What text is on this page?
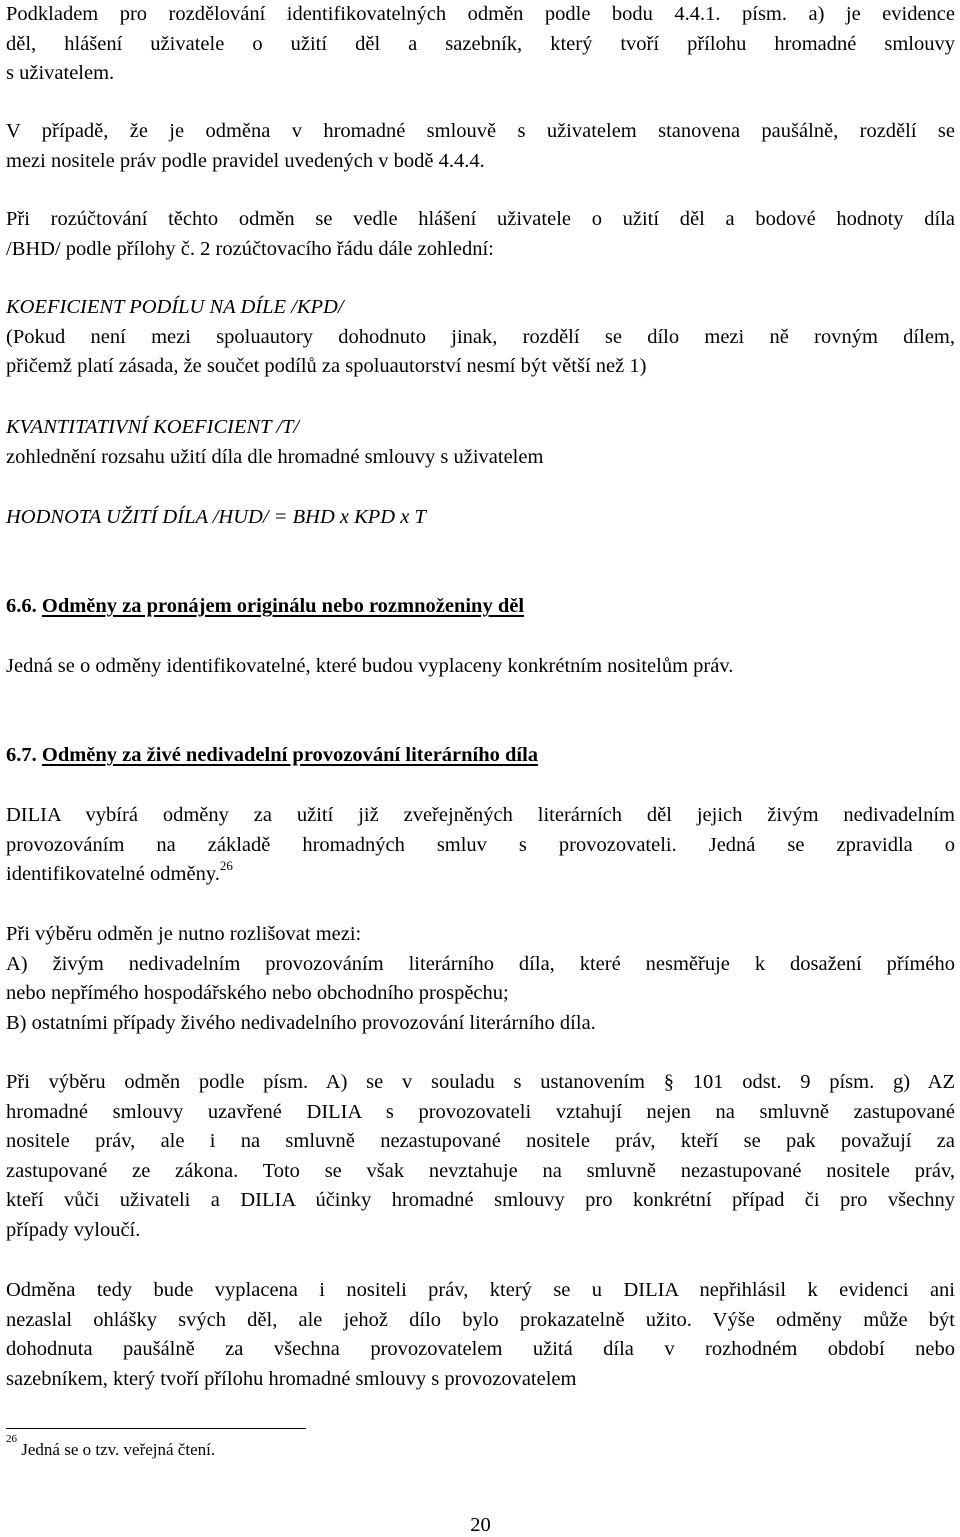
Podkladem pro rozdělování identifikovatelných odměn podle bodu 4.4.1. písm. a) je evidence
děl, hlášení uživatele o užití děl a sazebník, který tvoří přílohu hromadné smlouvy
s uživatelem.
V případě, že je odměna v hromadné smlouvě s uživatelem stanovena paušálně, rozdělí se
mezi nositele práv podle pravidel uvedených v bodě 4.4.4.
Při rozúčtování těchto odměn se vedle hlášení uživatele o užití děl a bodové hodnoty díla
/BHD/ podle přílohy č. 2 rozúčtovacího řádu dále zohlední:
KOEFICIENT PODÍLU NA DÍLE /KPD/
(Pokud není mezi spoluautory dohodnuto jinak, rozdělí se dílo mezi ně rovným dílem,
přičemž platí zásada, že součet podílů za spoluautorství nesmí být větší než 1)
KVANTITATIVNÍ KOEFICIENT /T/
zohlednění rozsahu užití díla dle hromadné smlouvy s uživatelem
HODNOTA UŽITÍ DÍLA /HUD/ = BHD x KPD x T
6.6. Odměny za pronájem originálu nebo rozmnoženiny děl
Jedná se o odměny identifikovatelné, které budou vyplaceny konkrétním nositelům práv.
6.7. Odměny za živé nedivadelní provozování literárního díla
DILIA vybírá odměny za užití již zveřejněných literárních děl jejich živým nedivadelním
provozováním na základě hromadných smluv s provozovateli. Jedná se zpravidla o
identifikovatelné odměny.$^{26}$
Při výběru odměn je nutno rozlišovat mezi:
A) živým nedivadelním provozováním literárního díla, které nesměřuje k dosažení přímého
nebo nepřímého hospodářského nebo obchodního prospěchu;
B) ostatními případy živého nedivadelního provozování literárního díla.
Při výběru odměn podle písm. A) se v souladu s ustanovením § 101 odst. 9 písm. g) AZ
hromadné smlouvy uzavřené DILIA s provozovateli vztahují nejen na smluvně zastupované
nositele práv, ale i na smluvně nezastupované nositele práv, kteří se pak považují za
zastupované ze zákona. Toto se však nevztahuje na smluvně nezastupované nositele práv,
kteří vůči uživateli a DILIA účinky hromadné smlouvy pro konkrétní případ či pro všechny
případy vyloučí.
Odměna tedy bude vyplacena i nositeli práv, který se u DILIA nepřihlásil k evidenci ani
nezaslal ohlášky svých děl, ale jehož dílo bylo prokazatelně užito. Výše odměny může být
dohodnuta paušálně za všechna provozovatelem užitá díla v rozhodném období nebo
sazebníkem, který tvoří přílohu hromadné smlouvy s provozovatelem
$^{26}$ Jedná se o tzv. veřejná čtení.
20
